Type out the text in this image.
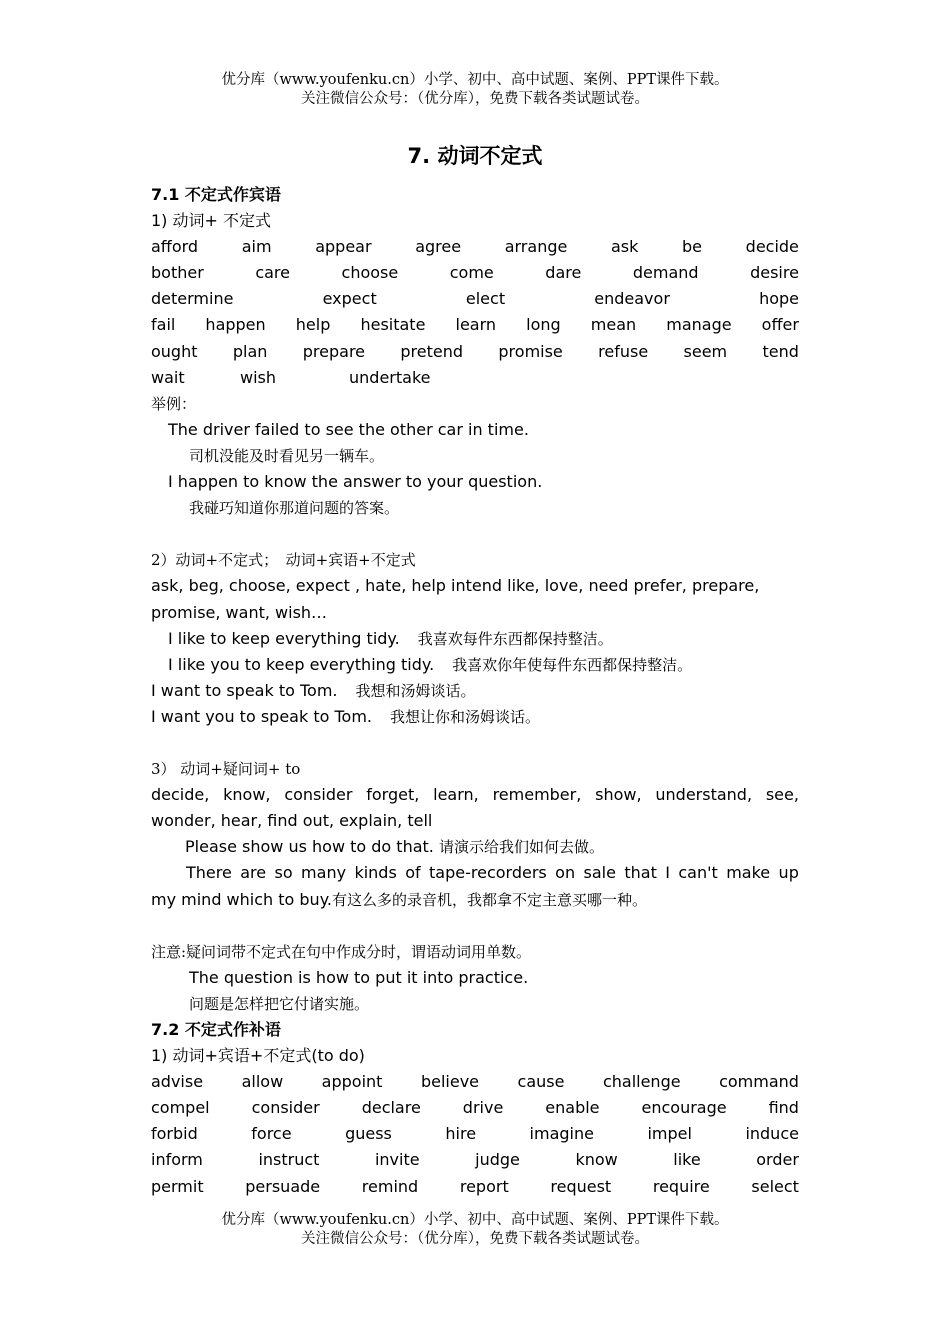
优分库（www.youfenku.cn）小学、初中、高中试题、案例、PPT课件下载。
关注微信公众号：（优分库），免费下载各类试题试卷。
7. 动词不定式
7.1 不定式作宾语
1) 动词+ 不定式
afford	aim	appear	agree	arrange	ask	be	decide
bother	care	choose	come	dare	demand	desire
determine	expect	elect	endeavor	hope
fail happen help hesitate learn long mean manage offer
ought plan prepare pretend promise refuse seem tend
wait	wish	undertake
举例：
The driver failed to see the other car in time.
司机没能及时看见另一辆车。
I happen to know the answer to your question.
我碰巧知道你那道问题的答案。
2）动词+不定式；　动词+宾语+不定式
ask, beg, choose, expect , hate, help intend like, love, need prefer, prepare,
promise, want, wish…
I like to keep everything tidy. 我喜欢每件东西都保持整洁。
I like you to keep everything tidy. 我喜欢你年使每件东西都保持整洁。
I want to speak to Tom. 我想和汤姆谈话。
I want you to speak to Tom. 我想让你和汤姆谈话。
3） 动词+疑问词+ to
decide, know, consider forget, learn, remember, show, understand, see,
wonder, hear, find out, explain, tell
Please show us how to do that. 请演示给我们如何去做。
There are so many kinds of tape-recorders on sale that I can't make up
my mind which to buy.有这么多的录音机，我都拿不定主意买哪一种。
注意:疑问词带不定式在句中作成分时，谓语动词用单数。
The question is how to put it into practice.
问题是怎样把它付诸实施。
7.2 不定式作补语
1) 动词+宾语+不定式(to do)
advise allow appoint believe cause challenge command
compel	consider	declare	drive	enable	encourage	find
forbid	force	guess	hire	imagine	impel	induce
inform	instruct	invite	judge	know	like	order
permit	persuade	remind	report	request	require	select
优分库（www.youfenku.cn）小学、初中、高中试题、案例、PPT课件下载。
关注微信公众号：（优分库），免费下载各类试题试卷。
